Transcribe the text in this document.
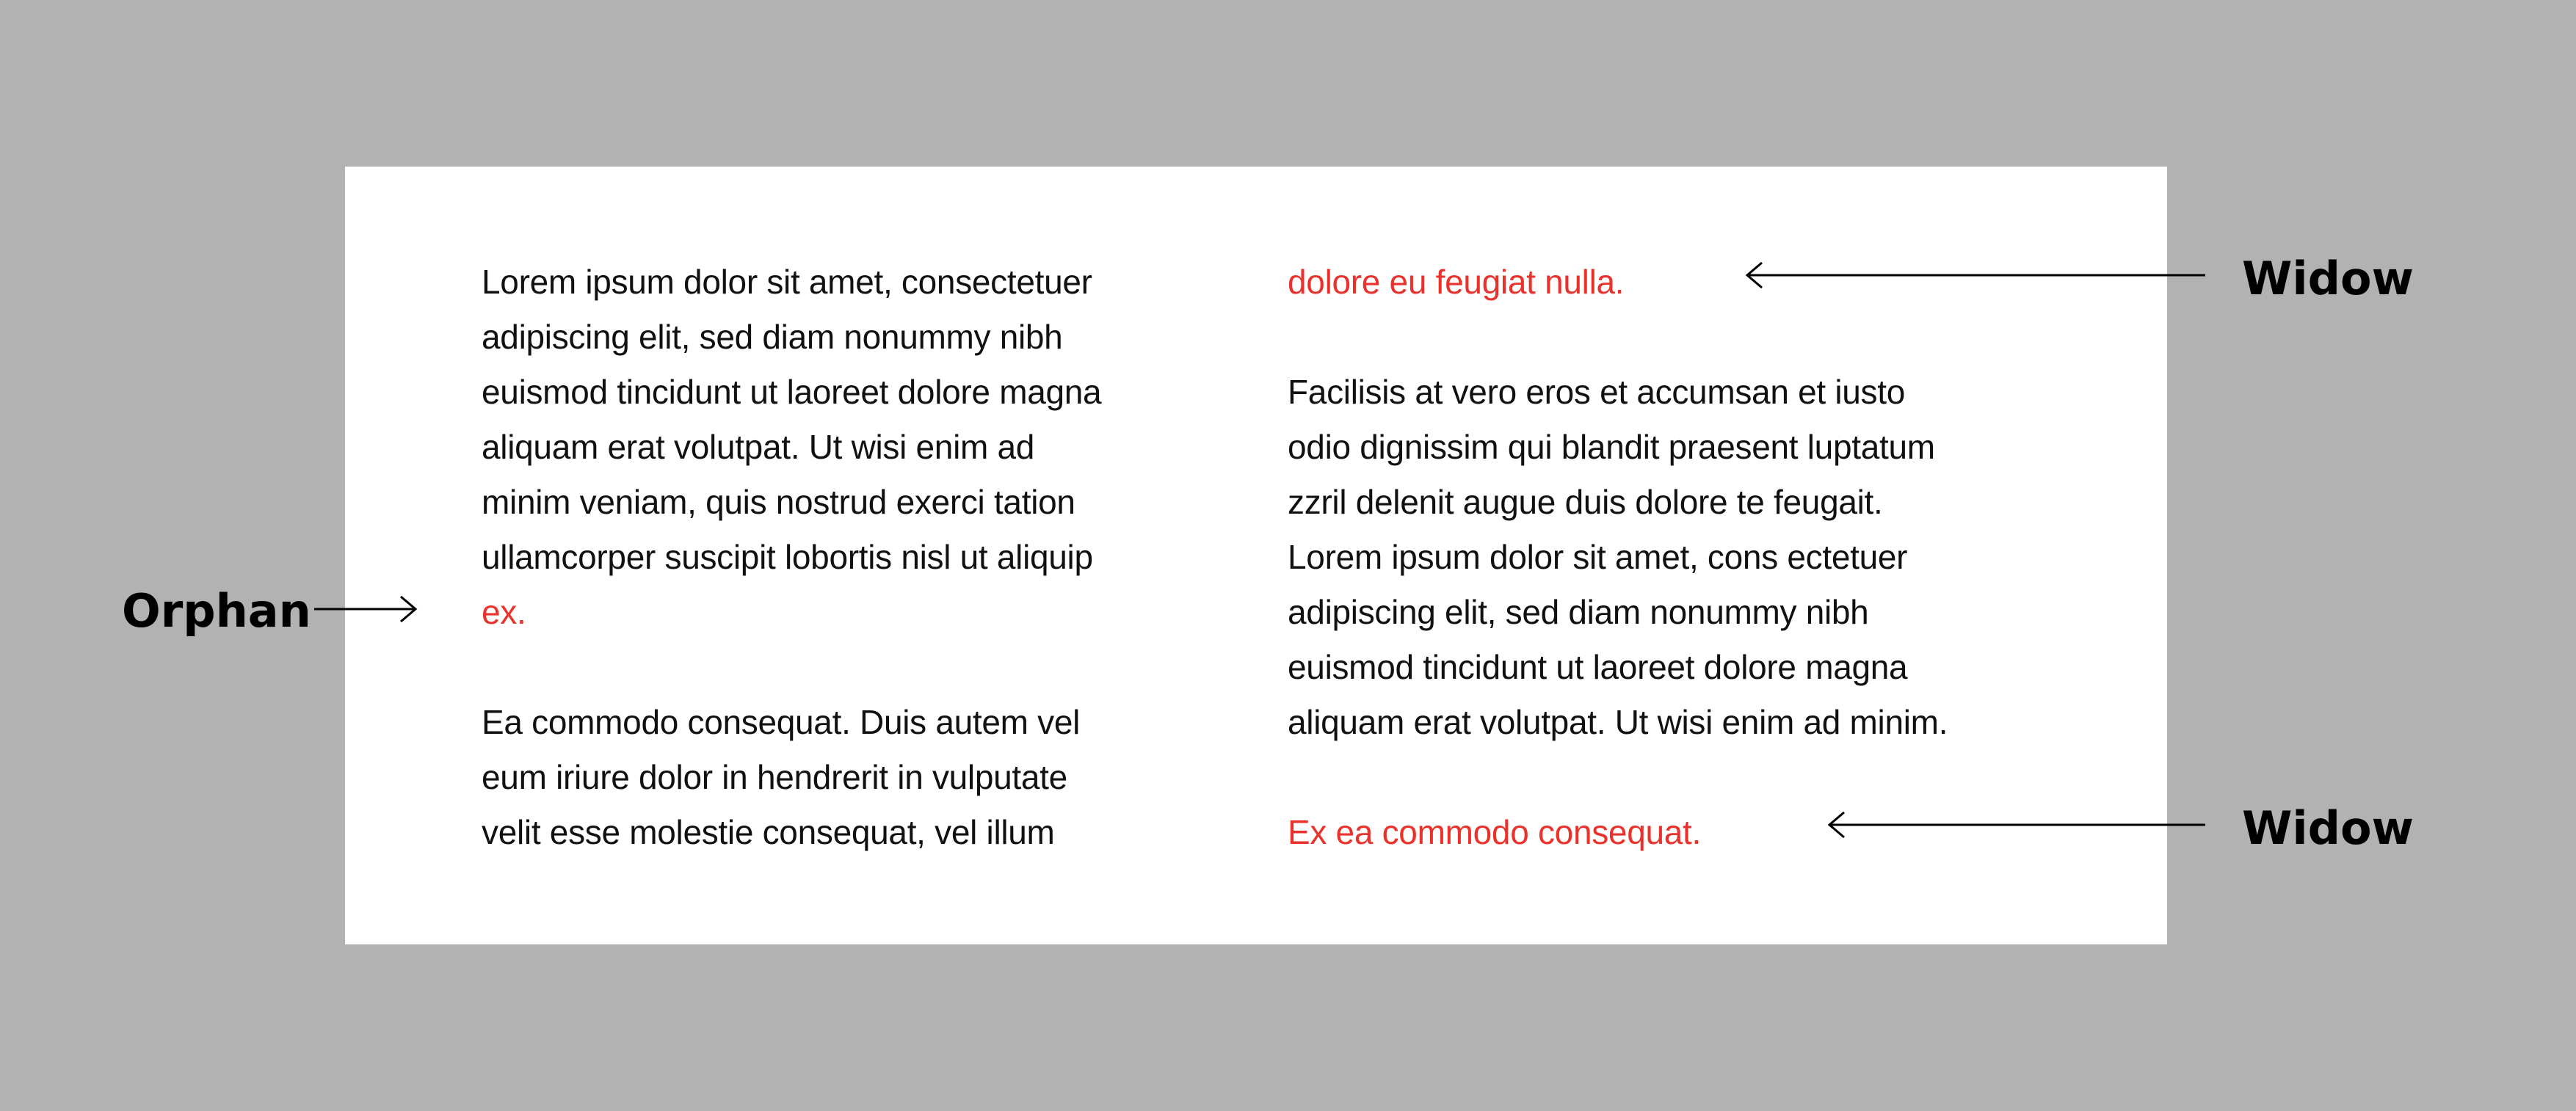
Lorem ipsum dolor sit amet, consectetuer
adipiscing elit, sed diam nonummy nibh
euismod tincidunt ut laoreet dolore magna
aliquam erat volutpat. Ut wisi enim ad
minim veniam, quis nostrud exerci tation
ullamcorper suscipit lobortis nisl ut aliquip
ex.

Ea commodo consequat. Duis autem vel
eum iriure dolor in hendrerit in vulputate
velit esse molestie consequat, vel illum

dolore eu feugiat nulla.

Facilisis at vero eros et accumsan et iusto
odio dignissim qui blandit praesent luptatum
zzril delenit augue duis dolore te feugait.
Lorem ipsum dolor sit amet, cons ectetuer
adipiscing elit, sed diam nonummy nibh
euismod tincidunt ut laoreet dolore magna
aliquam erat volutpat. Ut wisi enim ad minim.

Ex ea commodo consequat.

Orphan
Widow
Widow
